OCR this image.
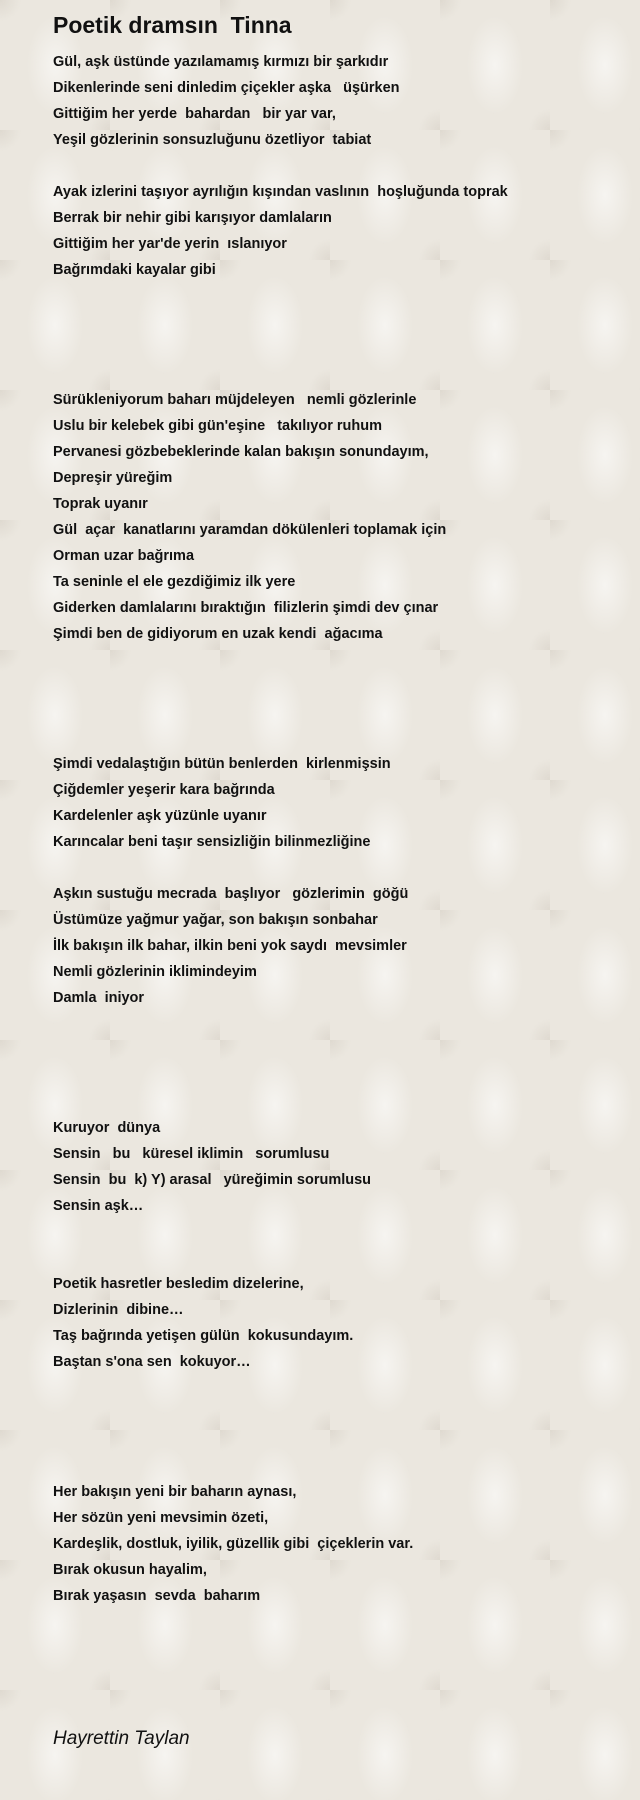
Poetik dramsın  Tinna
Gül, aşk üstünde yazılamamış kırmızı bir şarkıdır
Dikenlerinde seni dinledim çiçekler aşka   üşürken
Gittiğim her yerde  bahardan   bir yar var,
Yeşil gözlerinin sonsuzluğunu özetliyor  tabiat
Ayak izlerini taşıyor ayrılığın kışından vaslının  hoşluğunda toprak
Berrak bir nehir gibi karışıyor damlaların
Gittiğim her yar'de yerin  ıslanıyor
Bağrımdaki kayalar gibi
Sürükleniyorum baharı müjdeleyen   nemli gözlerinle
Uslu bir kelebek gibi gün'eşine   takılıyor ruhum
Pervanesi gözbebeklerinde kalan bakışın sonundayım,
Depreşir yüreğim
Toprak uyanır
Gül  açar  kanatlarını yaramdan dökülenleri toplamak için
Orman uzar bağrıma
Ta seninle el ele gezdiğimiz ilk yere
Giderken damlalarını bıraktığın  filizlerin şimdi dev çınar
Şimdi ben de gidiyorum en uzak kendi  ağacıma
Şimdi vedalaştığın bütün benlerden  kirlenmişsin
Çiğdemler yeşerir kara bağrında
Kardelenler aşk yüzünle uyanır
Karıncalar beni taşır sensizliğin bilinmezliğine
Aşkın sustuğu mecrada  başlıyor   gözlerimin  göğü
Üstümüze yağmur yağar, son bakışın sonbahar
İlk bakışın ilk bahar, ilkin beni yok saydı  mevsimler
Nemli gözlerinin iklimindeyim
Damla  iniyor
Kuruyor  dünya
Sensin   bu   küresel iklimin   sorumlusu
Sensin  bu  k) Y) arasal   yüreğimin sorumlusu
Sensin aşk…
Poetik hasretler besledim dizelerine,
Dizlerinin  dibine…
Taş bağrında yetişen gülün  kokusundayım.
Baştan s'ona sen  kokuyor…
Her bakışın yeni bir baharın aynası,
Her sözün yeni mevsimin özeti,
Kardeşlik, dostluk, iyilik, güzellik gibi  çiçeklerin var.
Bırak okusun hayalim,
Bırak yaşasın  sevda  baharım
Hayrettin Taylan
